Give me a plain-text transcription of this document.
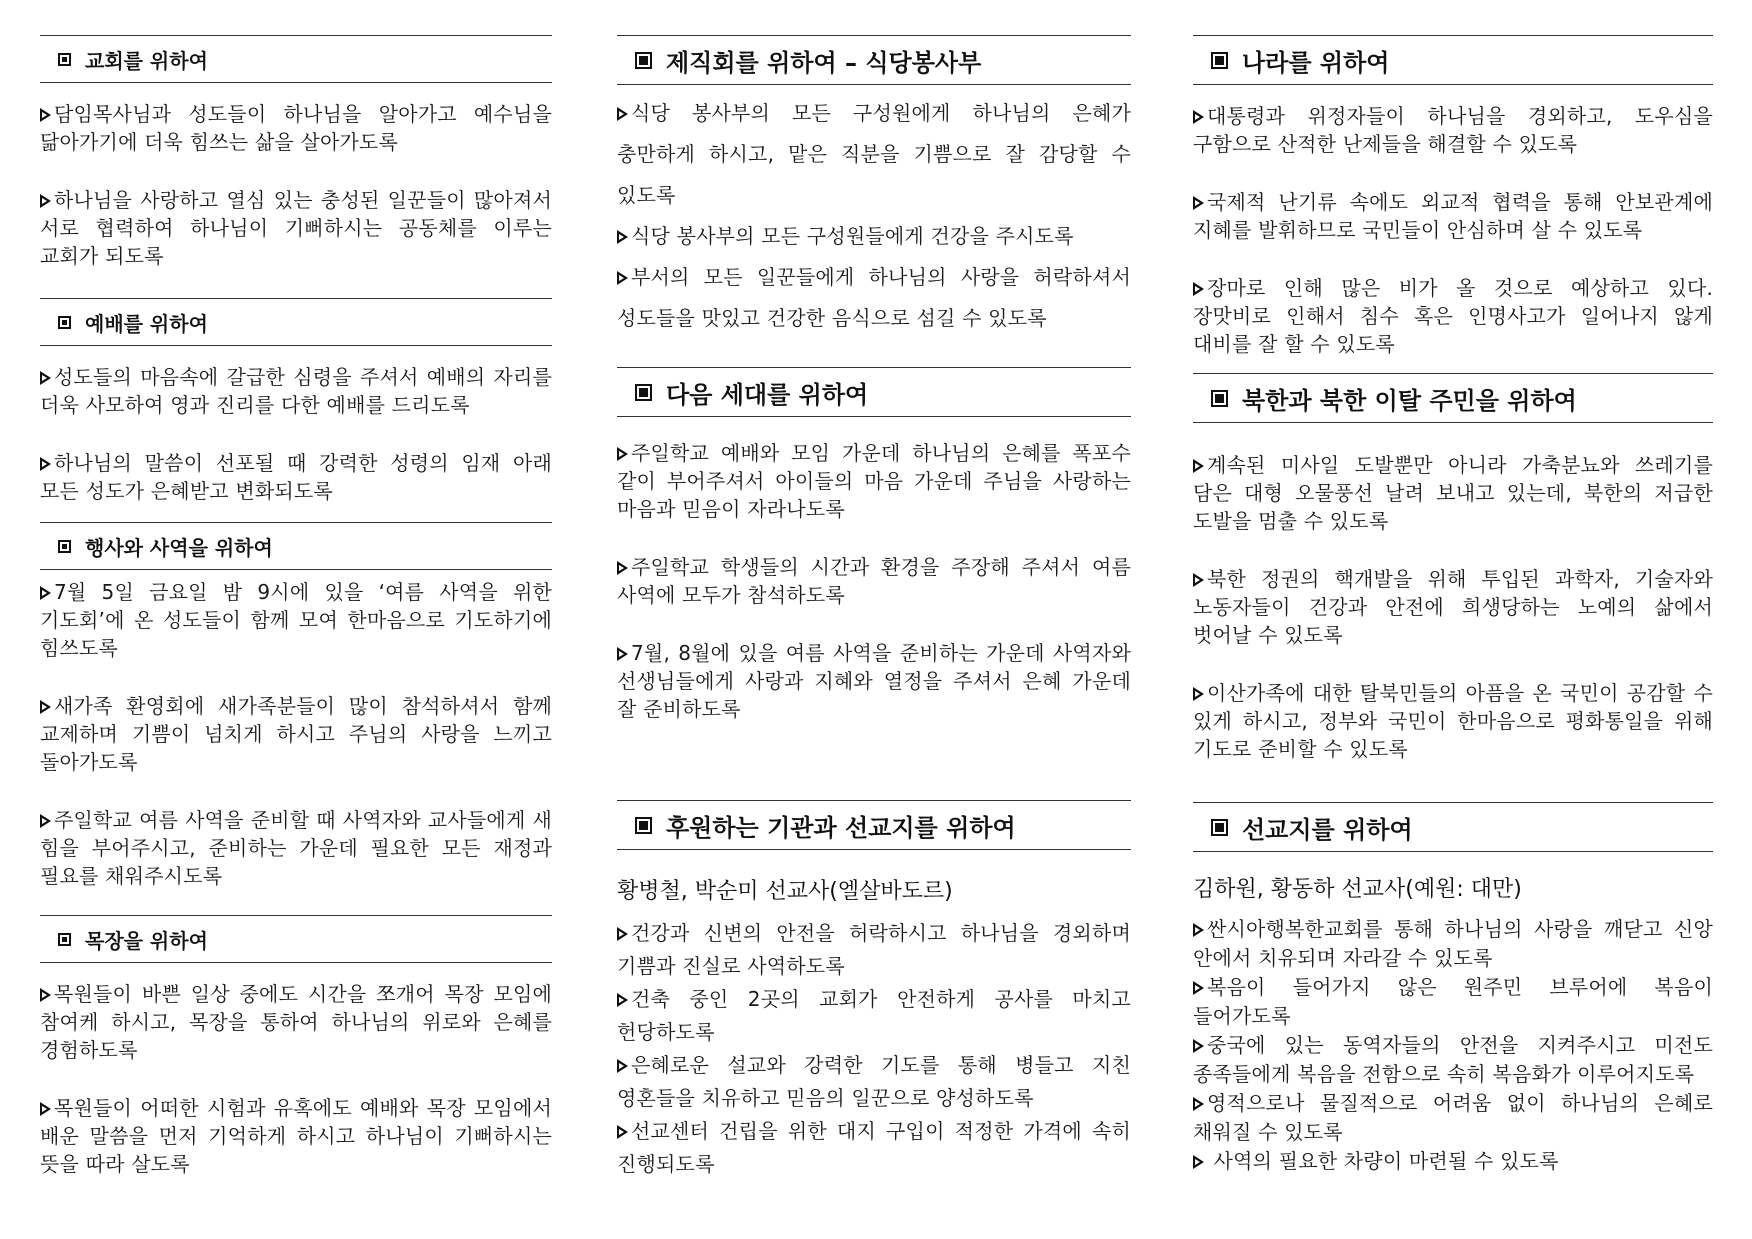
교회를 위하여
담임목사님과 성도들이 하나님을 알아가고 예수님을 닮아가기에 더욱 힘쓰는 삶을 살아가도록
하나님을 사랑하고 열심 있는 충성된 일꾼들이 많아져서 서로 협력하여 하나님이 기뻐하시는 공동체를 이루는 교회가 되도록
예배를 위하여
성도들의 마음속에 갈급한 심령을 주셔서 예배의 자리를 더욱 사모하여 영과 진리를 다한 예배를 드리도록
하나님의 말씀이 선포될 때 강력한 성령의 임재 아래 모든 성도가 은혜받고 변화되도록
행사와 사역을 위하여
7월 5일 금요일 밤 9시에 있을 ‘여름 사역을 위한 기도회’에 온 성도들이 함께 모여 한마음으로 기도하기에 힘쓰도록
새가족 환영회에 새가족분들이 많이 참석하셔서 함께 교제하며 기쁨이 넘치게 하시고 주님의 사랑을 느끼고 돌아가도록
주일학교 여름 사역을 준비할 때 사역자와 교사들에게 새 힘을 부어주시고, 준비하는 가운데 필요한 모든 재정과 필요를 채워주시도록
목장을 위하여
목원들이 바쁜 일상 중에도 시간을 쪼개어 목장 모임에 참여케 하시고, 목장을 통하여 하나님의 위로와 은혜를 경험하도록
목원들이 어떠한 시험과 유혹에도 예배와 목장 모임에서 배운 말씀을 먼저 기억하게 하시고 하나님이 기뻐하시는 뜻을 따라 살도록
제직회를 위하여 – 식당봉사부
식당 봉사부의 모든 구성원에게 하나님의 은혜가 충만하게 하시고, 맡은 직분을 기쁨으로 잘 감당할 수 있도록
식당 봉사부의 모든 구성원들에게 건강을 주시도록
부서의 모든 일꾼들에게 하나님의 사랑을 허락하셔서 성도들을 맛있고 건강한 음식으로 섬길 수 있도록
다음 세대를 위하여
주일학교 예배와 모임 가운데 하나님의 은혜를 폭포수 같이 부어주셔서 아이들의 마음 가운데 주님을 사랑하는 마음과 믿음이 자라나도록
주일학교 학생들의 시간과 환경을 주장해 주셔서 여름 사역에 모두가 참석하도록
7월, 8월에 있을 여름 사역을 준비하는 가운데 사역자와 선생님들에게 사랑과 지혜와 열정을 주셔서 은혜 가운데 잘 준비하도록
후원하는 기관과 선교지를 위하여
황병철, 박순미 선교사(엘살바도르)
건강과 신변의 안전을 허락하시고 하나님을 경외하며 기쁨과 진실로 사역하도록
건축 중인 2곳의 교회가 안전하게 공사를 마치고 헌당하도록
은혜로운 설교와 강력한 기도를 통해 병들고 지친 영혼들을 치유하고 믿음의 일꾼으로 양성하도록
선교센터 건립을 위한 대지 구입이 적정한 가격에 속히 진행되도록
나라를 위하여
대통령과 위정자들이 하나님을 경외하고, 도우심을 구함으로 산적한 난제들을 해결할 수 있도록
국제적 난기류 속에도 외교적 협력을 통해 안보관계에 지혜를 발휘하므로 국민들이 안심하며 살 수 있도록
장마로 인해 많은 비가 올 것으로 예상하고 있다. 장맛비로 인해서 침수 혹은 인명사고가 일어나지 않게 대비를 잘 할 수 있도록
북한과 북한 이탈 주민을 위하여
계속된 미사일 도발뿐만 아니라 가축분뇨와 쓰레기를 담은 대형 오물풍선 날려 보내고 있는데, 북한의 저급한 도발을 멈출 수 있도록
북한 정권의 핵개발을 위해 투입된 과학자, 기술자와 노동자들이 건강과 안전에 희생당하는 노예의 삶에서 벗어날 수 있도록
이산가족에 대한 탈북민들의 아픔을 온 국민이 공감할 수 있게 하시고, 정부와 국민이 한마음으로 평화통일을 위해 기도로 준비할 수 있도록
선교지를 위하여
김하원, 황동하 선교사(예원: 대만)
싼시아행복한교회를 통해 하나님의 사랑을 깨닫고 신앙 안에서 치유되며 자라갈 수 있도록
복음이 들어가지 않은 원주민 브루어에 복음이 들어가도록
중국에 있는 동역자들의 안전을 지켜주시고 미전도 종족들에게 복음을 전함으로 속히 복음화가 이루어지도록
영적으로나 물질적으로 어려움 없이 하나님의 은혜로 채워질 수 있도록
사역의 필요한 차량이 마련될 수 있도록
